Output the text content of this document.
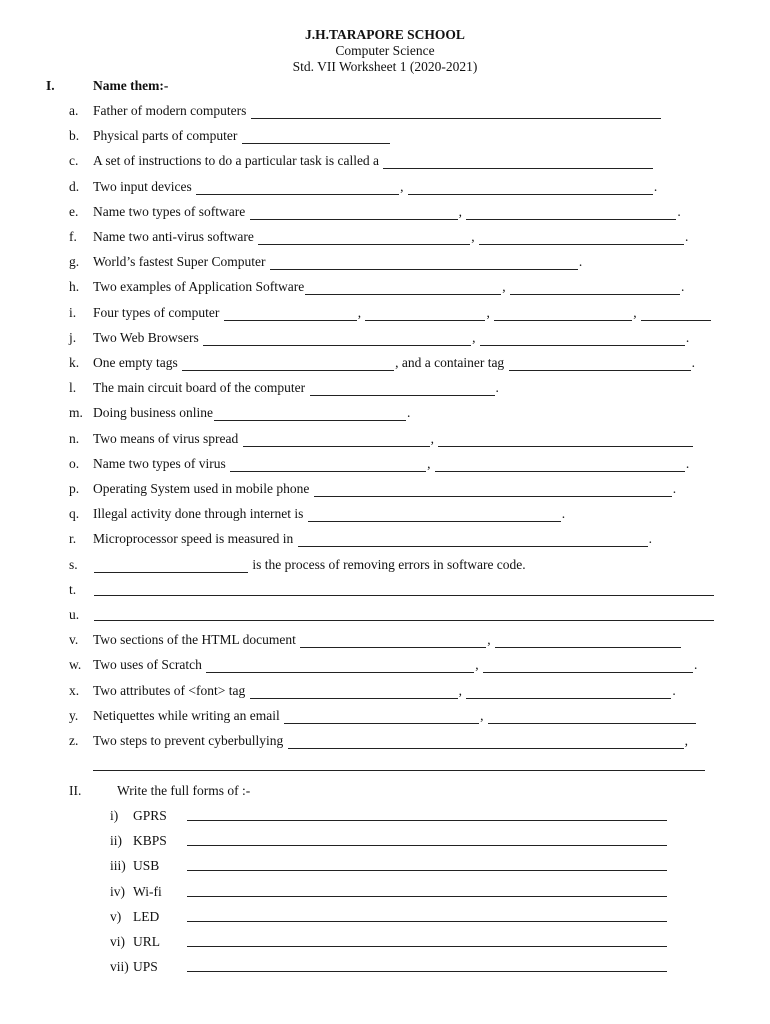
J.H.TARAPORE SCHOOL
Computer Science
Std. VII Worksheet 1 (2020-2021)
I.	Name them:-
a. Father of modern computers
b. Physical parts of computer
c. A set of instructions to do a particular task is called a
d. Two input devices	,	.
e. Name two types of software	,	.
f. Name two anti-virus software	,	.
g. World’s fastest Super Computer	.
h. Two examples of Application Software	,	.
i. Four types of computer	,	,	,
j. Two Web Browsers	,	.
k. One empty tags	, and a container tag	.
l. The main circuit board of the computer	.
m. Doing business online	.
n. Two means of virus spread	,
o. Name two types of virus	,	.
p. Operating System used in mobile phone	.
q. Illegal activity done through internet is	.
r. Microprocessor speed is measured in	.
s.	is the process of removing errors in software code.
t.
u.
v. Two sections of the HTML document	,
w. Two uses of Scratch	,	.
x. Two attributes of <font> tag	,	.
y. Netiquettes while writing an email	,
z. Two steps to prevent cyberbullying	,
II.	Write the full forms of :-
i) GPRS
ii) KBPS
iii) USB
iv) Wi-fi
v) LED
vi) URL
vii) UPS
